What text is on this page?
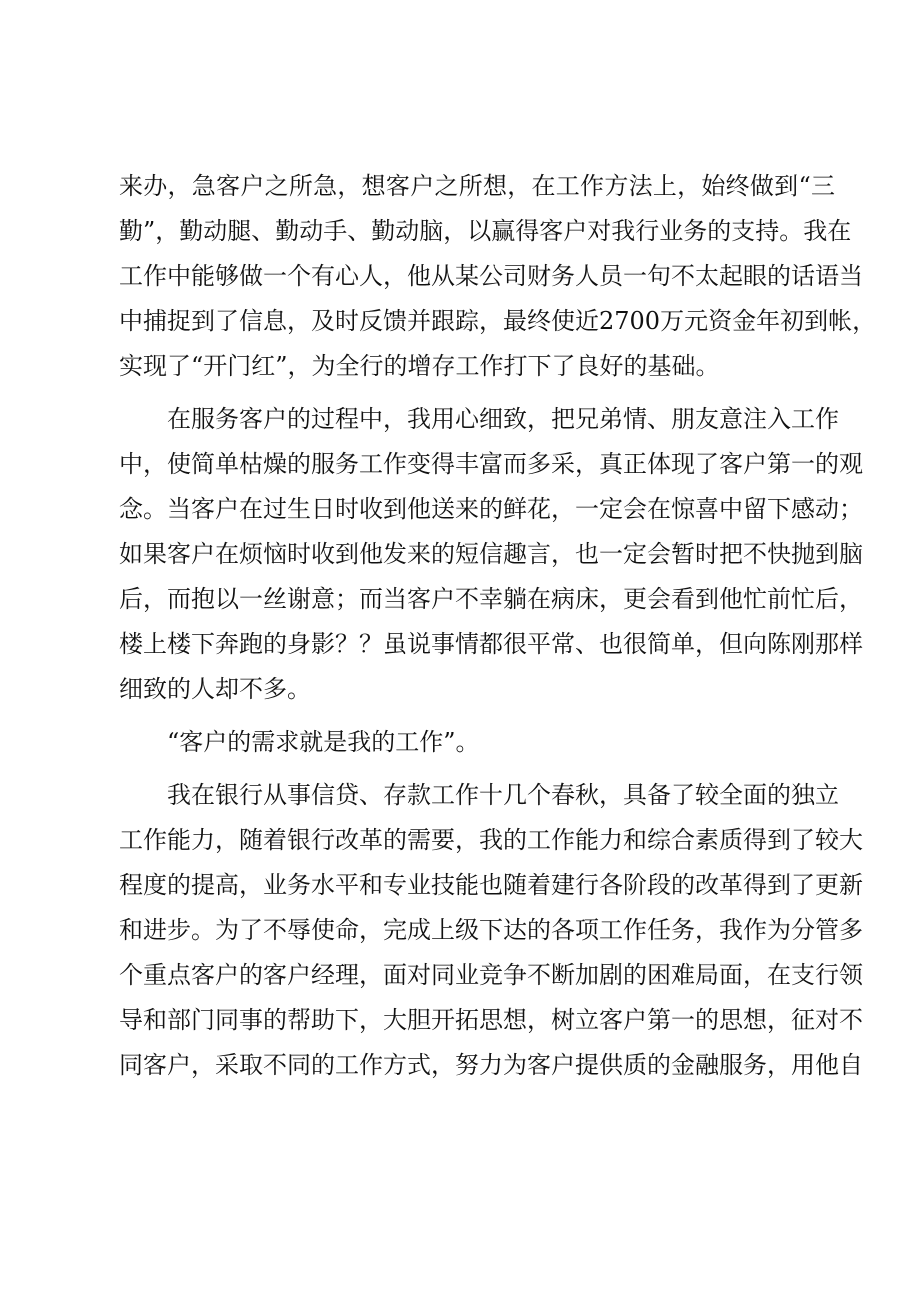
来办，急客户之所急，想客户之所想，在工作方法上，始终做到“三
勤”，勤动腿、勤动手、勤动脑，以赢得客户对我行业务的支持。我在
工作中能够做一个有心人，他从某公司财务人员一句不太起眼的话语当
中捕捉到了信息，及时反馈并跟踪，最终使近2700万元资金年初到帐，
实现了“开门红”，为全行的增存工作打下了良好的基础。
在服务客户的过程中，我用心细致，把兄弟情、朋友意注入工作
中，使简单枯燥的服务工作变得丰富而多采，真正体现了客户第一的观
念。当客户在过生日时收到他送来的鲜花，一定会在惊喜中留下感动；
如果客户在烦恼时收到他发来的短信趣言，也一定会暂时把不快抛到脑
后，而抱以一丝谢意；而当客户不幸躺在病床，更会看到他忙前忙后，
楼上楼下奔跑的身影？？虽说事情都很平常、也很简单，但向陈刚那样
细致的人却不多。
“客户的需求就是我的工作”。
我在银行从事信贷、存款工作十几个春秋，具备了较全面的独立
工作能力，随着银行改革的需要，我的工作能力和综合素质得到了较大
程度的提高，业务水平和专业技能也随着建行各阶段的改革得到了更新
和进步。为了不辱使命，完成上级下达的各项工作任务，我作为分管多
个重点客户的客户经理，面对同业竞争不断加剧的困难局面，在支行领
导和部门同事的帮助下，大胆开拓思想，树立客户第一的思想，征对不
同客户，采取不同的工作方式，努力为客户提供质的金融服务，用他自
